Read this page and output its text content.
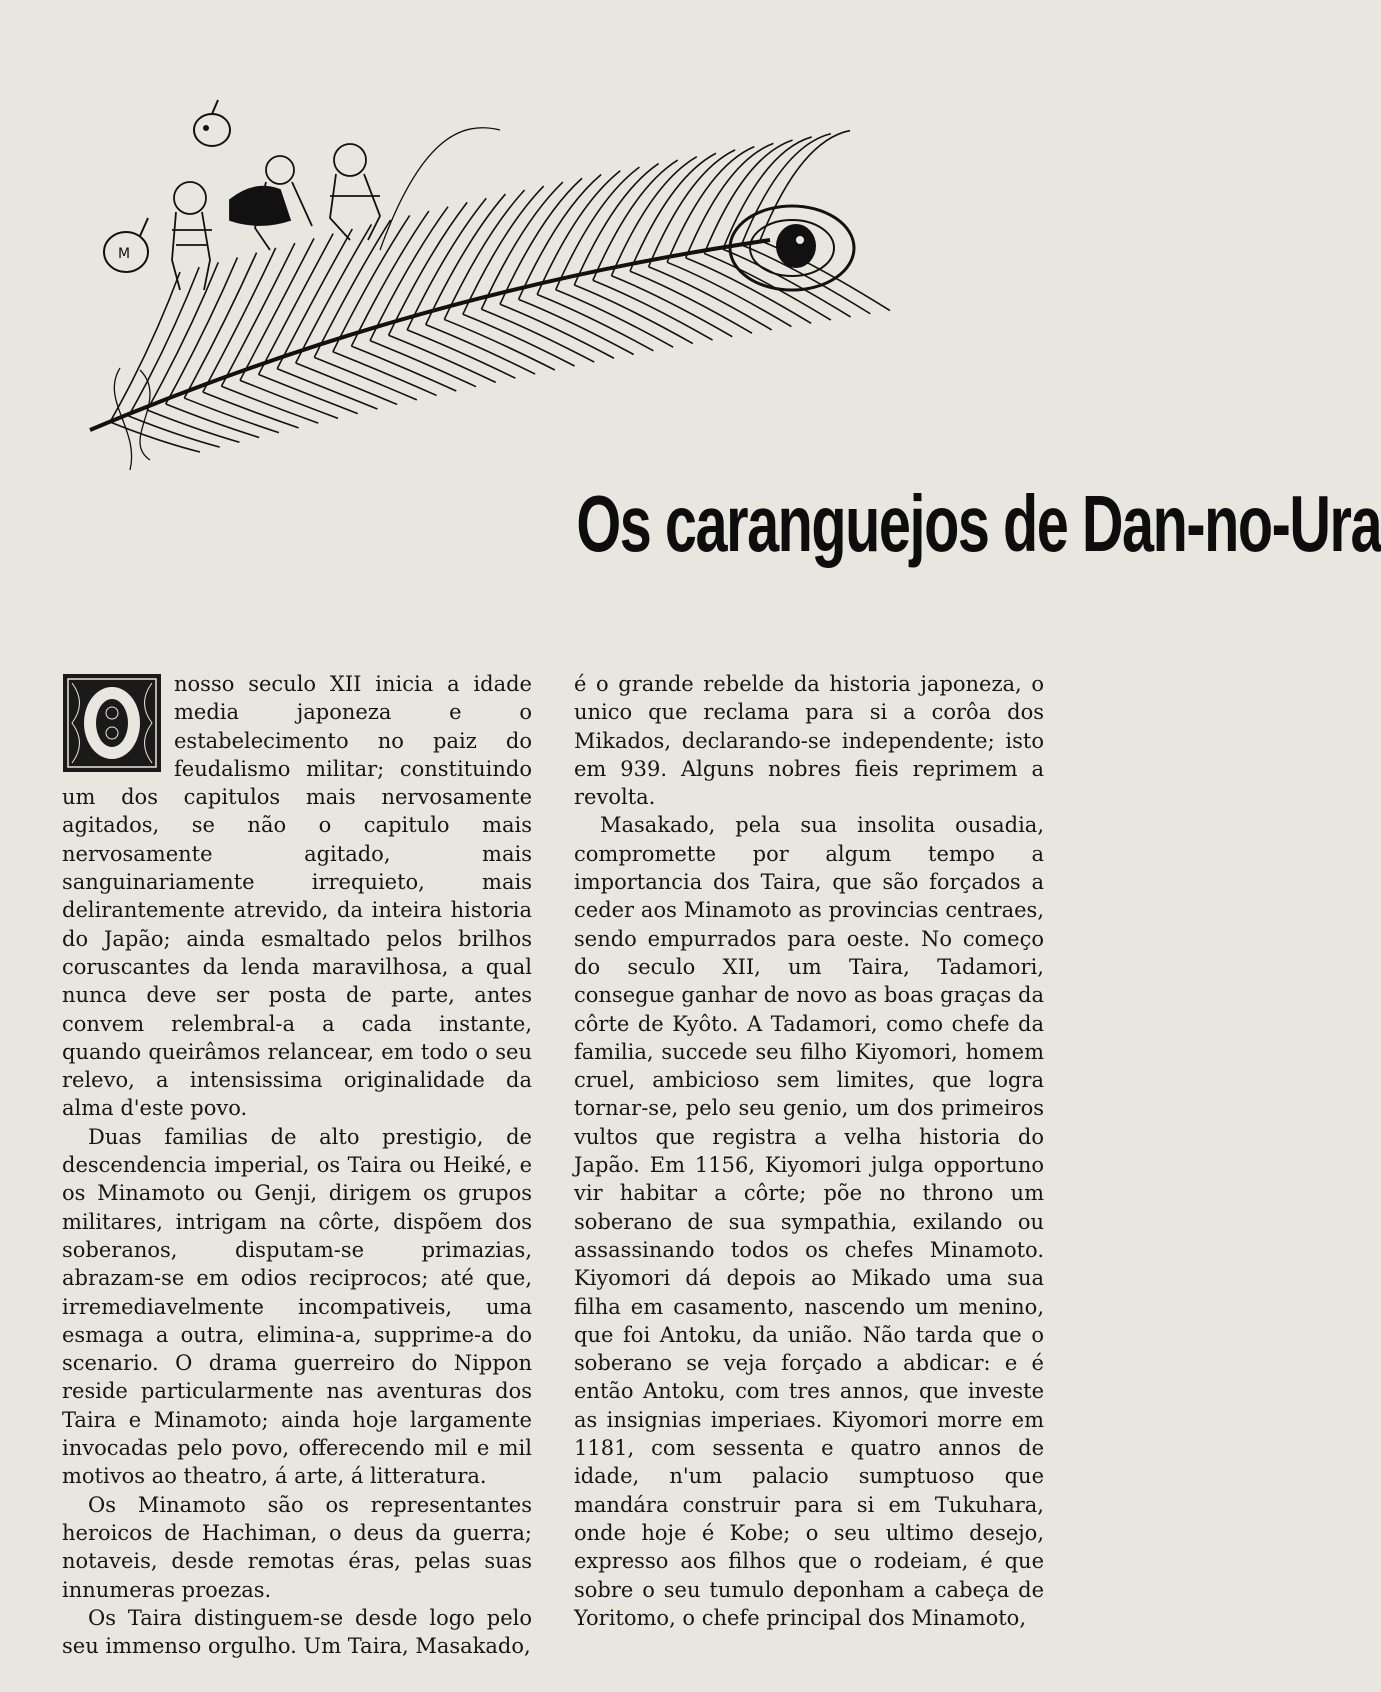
M
Os caranguejos de Dan-no-Ura

nosso seculo XII inicia a idade media japoneza e o estabelecimento no paiz do feudalismo militar; constituindo um dos capitulos mais nervosamente agitados, se não o capitulo mais nervosamente agitado, mais sanguinariamente irrequieto, mais delirantemente atrevido, da inteira historia do Japão; ainda esmaltado pelos brilhos coruscantes da lenda maravilhosa, a qual nunca deve ser posta de parte, antes convem relembral-a a cada instante, quando queirâmos relancear, em todo o seu relevo, a intensissima originalidade da alma d'este povo.

Duas familias de alto prestigio, de descendencia imperial, os Taira ou Heiké, e os Minamoto ou Genji, dirigem os grupos militares, intrigam na côrte, dispõem dos soberanos, disputam-se primazias, abrazam-se em odios reciprocos; até que, irremediavelmente incompativeis, uma esmaga a outra, elimina-a, supprime-a do scenario. O drama guerreiro do Nippon reside particularmente nas aventuras dos Taira e Minamoto; ainda hoje largamente invocadas pelo povo, offerecendo mil e mil motivos ao theatro, á arte, á litteratura.

Os Minamoto são os representantes heroicos de Hachiman, o deus da guerra; notaveis, desde remotas éras, pelas suas innumeras proezas.

Os Taira distinguem-se desde logo pelo seu immenso orgulho. Um Taira, Masakado,

é o grande rebelde da historia japoneza, o unico que reclama para si a corôa dos Mikados, declarando-se independente; isto em 939. Alguns nobres fieis reprimem a revolta.

Masakado, pela sua insolita ousadia, compromette por algum tempo a importancia dos Taira, que são forçados a ceder aos Minamoto as provincias centraes, sendo empurrados para oeste. No começo do seculo XII, um Taira, Tadamori, consegue ganhar de novo as boas graças da côrte de Kyôto. A Tadamori, como chefe da familia, succede seu filho Kiyomori, homem cruel, ambicioso sem limites, que logra tornar-se, pelo seu genio, um dos primeiros vultos que registra a velha historia do Japão. Em 1156, Kiyomori julga opportuno vir habitar a côrte; põe no throno um soberano de sua sympathia, exilando ou assassinando todos os chefes Minamoto. Kiyomori dá depois ao Mikado uma sua filha em casamento, nascendo um menino, que foi Antoku, da união. Não tarda que o soberano se veja forçado a abdicar: e é então Antoku, com tres annos, que investe as insignias imperiaes. Kiyomori morre em 1181, com sessenta e quatro annos de idade, n'um palacio sumptuoso que mandára construir para si em Tukuhara, onde hoje é Kobe; o seu ultimo desejo, expresso aos filhos que o rodeiam, é que sobre o seu tumulo deponham a cabeça de Yoritomo, o chefe principal dos Minamoto,
